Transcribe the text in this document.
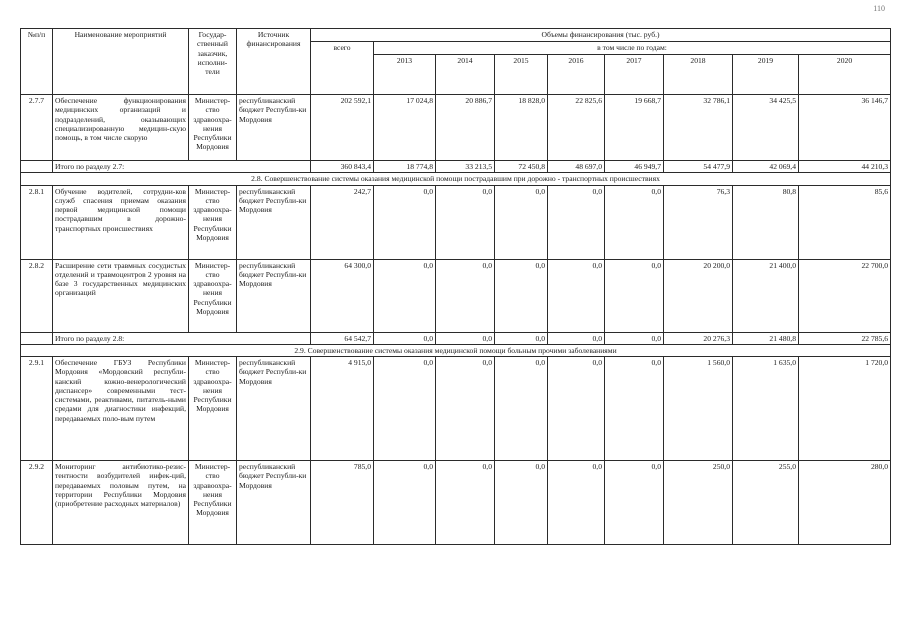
110
№п/п	Наименование мероприятий	Государ-ственный заказчик, исполни-тели	Источник финансирования	Объемы финансирования (тыс. руб.)								
				всего	в том числе по годам:							
					2013	2014	2015	2016	2017	2018	2019	2020
2.7.7	Обеспечение функционирования медицинских организаций и подразделений, оказывающих специализированную медицин-скую помощь, в том числе скорую	Министер-ство здравоохра-нения Республики Мордовия	республиканский бюджет Республи-ки Мордовия	202 592,1	17 024,8	20 886,7	18 828,0	22 825,6	19 668,7	32 786,1	34 425,5	36 146,7
	Итого по разделу 2.7:			360 843,4	18 774,8	33 213,5	72 450,8	48 697,0	46 949,7	54 477,9	42 069,4	44 210,3
2.8. Совершенствование системы оказания медицинской помощи пострадавшим при дорожно - транспортных происшествиях												
2.8.1	Обучение водителей, сотрудни-ков служб спасения приемам оказания первой медицинской помощи пострадавшим в дорожно-транспортных происшествиях	Министер-ство здравоохра-нения Республики Мордовия	республиканский бюджет Республи-ки Мордовия	242,7	0,0	0,0	0,0	0,0	0,0	76,3	80,8	85,6
2.8.2	Расширение сети травмных сосудистых отделений и травмоцентров 2 уровня на базе 3 государственных медицинских организаций	Министер-ство здравоохра-нения Республики Мордовия	республиканский бюджет Республи-ки Мордовия	64 300,0	0,0	0,0	0,0	0,0	0,0	20 200,0	21 400,0	22 700,0
	Итого по разделу 2.8:			64 542,7	0,0	0,0	0,0	0,0	0,0	20 276,3	21 480,8	22 785,6
2.9. Совершенствование системы оказания медицинской помощи больным прочими заболеваниями												
2.9.1	Обеспечение ГБУЗ Республики Мордовия «Мордовский республи-канский кожно-венерологический диспансер» современными тест-системами, реактивами, питатель-ными средами для диагностики инфекций, передаваемых поло-вым путем	Министер-ство здравоохра-нения Республики Мордовия	республиканский бюджет Республи-ки Мордовия	4 915,0	0,0	0,0	0,0	0,0	0,0	1 560,0	1 635,0	1 720,0
2.9.2	Мониторинг антибиотико-резис-тентности возбудителей инфек-ций, передаваемых половым путем, на территории Республики Мордовия (приобретение расходных материалов)	Министер-ство здравоохра-нения Республики Мордовия	республиканский бюджет Республи-ки Мордовия	785,0	0,0	0,0	0,0	0,0	0,0	250,0	255,0	280,0
